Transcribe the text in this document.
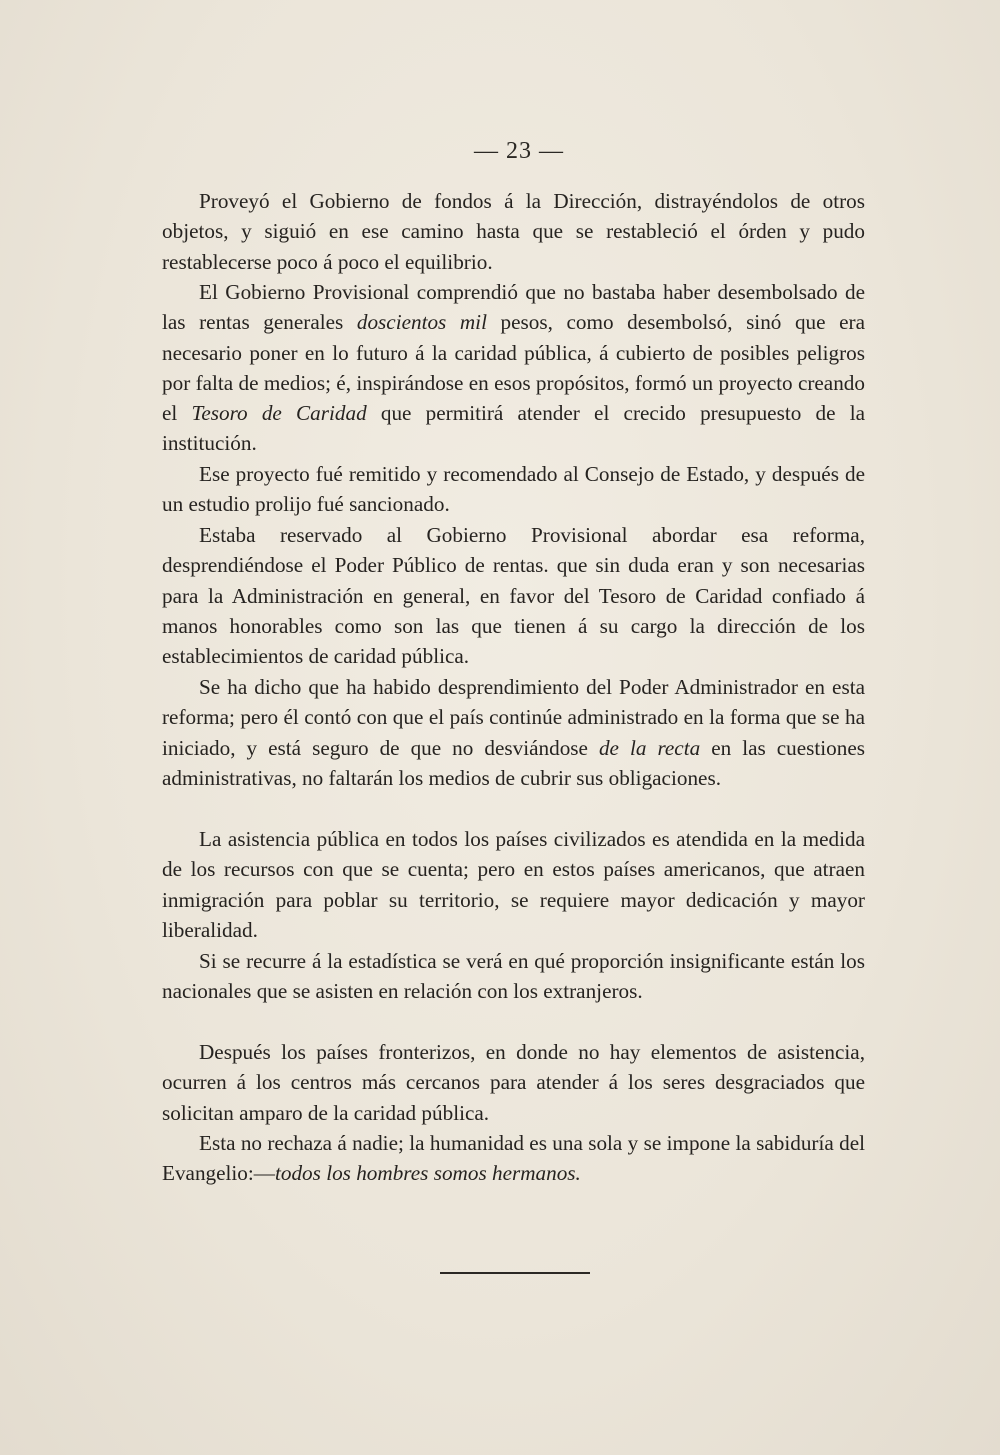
— 23 —

Proveyó el Gobierno de fondos á la Dirección, distrayéndolos de otros objetos, y siguió en ese camino hasta que se restableció el órden y pudo restablecerse poco á poco el equilibrio.

El Gobierno Provisional comprendió que no bastaba haber desembolsado de las rentas generales doscientos mil pesos, como desembolsó, sinó que era necesario poner en lo futuro á la caridad pública, á cubierto de posibles peligros por falta de medios; é, inspirándose en esos propósitos, formó un proyecto creando el Tesoro de Caridad que permitirá atender el crecido presupuesto de la institución.

Ese proyecto fué remitido y recomendado al Consejo de Estado, y después de un estudio prolijo fué sancionado.

Estaba reservado al Gobierno Provisional abordar esa reforma, desprendiéndose el Poder Público de rentas. que sin duda eran y son necesarias para la Administración en general, en favor del Tesoro de Caridad confiado á manos honorables como son las que tienen á su cargo la dirección de los establecimientos de caridad pública.

Se ha dicho que ha habido desprendimiento del Poder Administrador en esta reforma; pero él contó con que el país continúe administrado en la forma que se ha iniciado, y está seguro de que no desviándose de la recta en las cuestiones administrativas, no faltarán los medios de cubrir sus obligaciones.

La asistencia pública en todos los países civilizados es atendida en la medida de los recursos con que se cuenta; pero en estos países americanos, que atraen inmigración para poblar su territorio, se requiere mayor dedicación y mayor liberalidad.

Si se recurre á la estadística se verá en qué proporción insignificante están los nacionales que se asisten en relación con los extranjeros.

Después los países fronterizos, en donde no hay elementos de asistencia, ocurren á los centros más cercanos para atender á los seres desgraciados que solicitan amparo de la caridad pública.

Esta no rechaza á nadie; la humanidad es una sola y se impone la sabiduría del Evangelio:—todos los hombres somos hermanos.
